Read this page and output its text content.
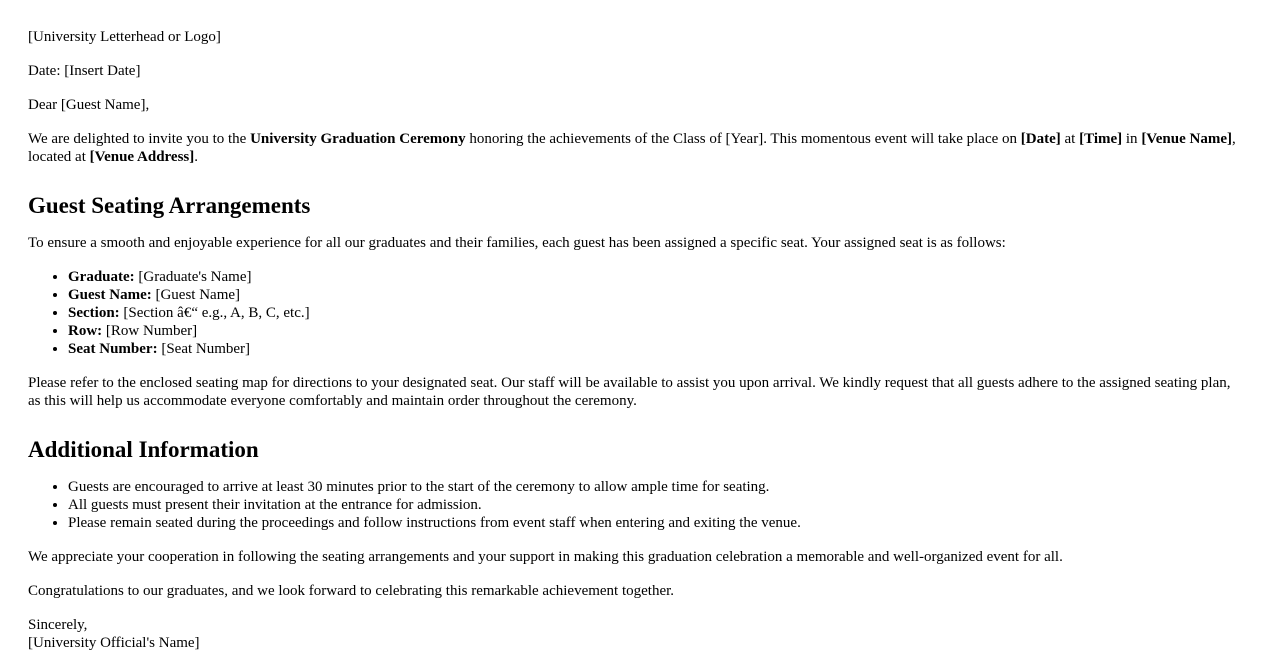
[University Letterhead or Logo]

Date: [Insert Date]

Dear [Guest Name],

We are delighted to invite you to the University Graduation Ceremony honoring the achievements of the Class of [Year]. This momentous event will take place on [Date] at [Time] in [Venue Name], located at [Venue Address].

Guest Seating Arrangements

To ensure a smooth and enjoyable experience for all our graduates and their families, each guest has been assigned a specific seat. Your assigned seat is as follows:

• Graduate: [Graduate's Name]
• Guest Name: [Guest Name]
• Section: [Section â€“ e.g., A, B, C, etc.]
• Row: [Row Number]
• Seat Number: [Seat Number]

Please refer to the enclosed seating map for directions to your designated seat. Our staff will be available to assist you upon arrival. We kindly request that all guests adhere to the assigned seating plan, as this will help us accommodate everyone comfortably and maintain order throughout the ceremony.

Additional Information
• Guests are encouraged to arrive at least 30 minutes prior to the start of the ceremony to allow ample time for seating.
• All guests must present their invitation at the entrance for admission.
• Please remain seated during the proceedings and follow instructions from event staff when entering and exiting the venue.

We appreciate your cooperation in following the seating arrangements and your support in making this graduation celebration a memorable and well-organized event for all.

Congratulations to our graduates, and we look forward to celebrating this remarkable achievement together.

Sincerely,
[University Official's Name]
